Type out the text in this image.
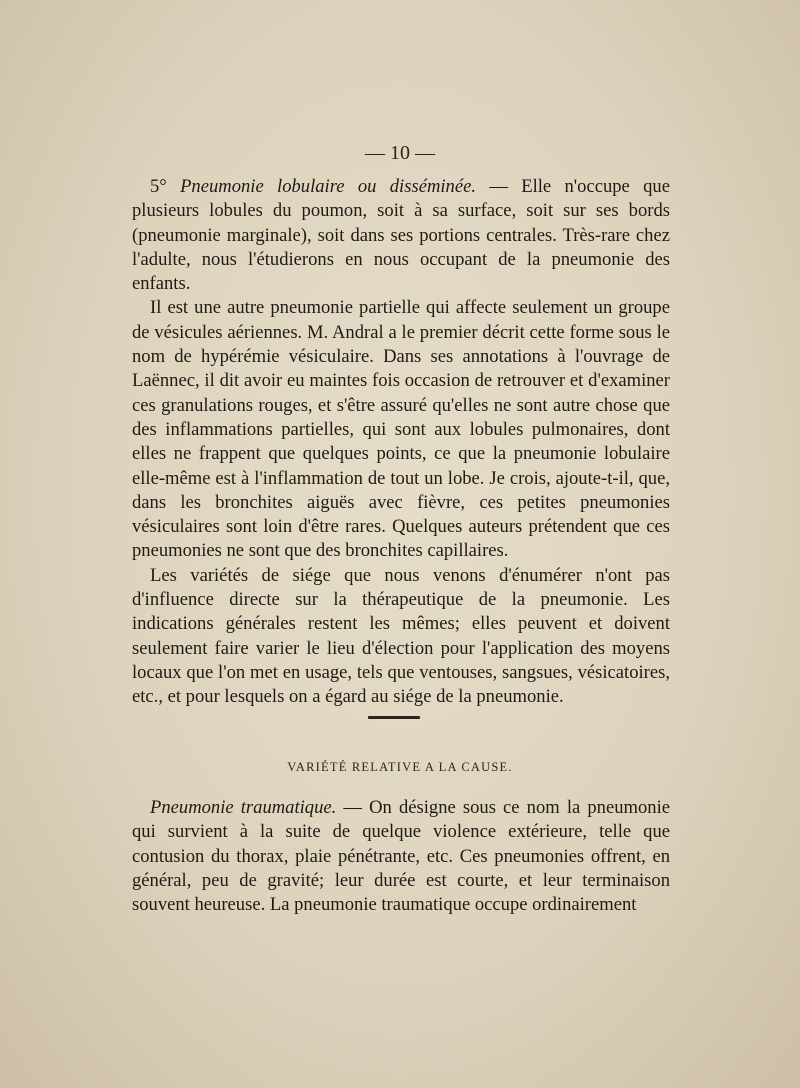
— 10 —

5° Pneumonie lobulaire ou disséminée. — Elle n'occupe que plusieurs lobules du poumon, soit à sa surface, soit sur ses bords (pneumonie marginale), soit dans ses portions centrales. Très-rare chez l'adulte, nous l'étudierons en nous occupant de la pneumonie des enfants.

Il est une autre pneumonie partielle qui affecte seulement un groupe de vésicules aériennes. M. Andral a le premier décrit cette forme sous le nom de hypérémie vésiculaire. Dans ses annotations à l'ouvrage de Laënnec, il dit avoir eu maintes fois occasion de retrouver et d'examiner ces granulations rouges, et s'être assuré qu'elles ne sont autre chose que des inflammations partielles, qui sont aux lobules pulmonaires, dont elles ne frappent que quelques points, ce que la pneumonie lobulaire elle-même est à l'inflammation de tout un lobe. Je crois, ajoute-t-il, que, dans les bronchites aiguës avec fièvre, ces petites pneumonies vésiculaires sont loin d'être rares. Quelques auteurs prétendent que ces pneumonies ne sont que des bronchites capillaires.

Les variétés de siége que nous venons d'énumérer n'ont pas d'influence directe sur la thérapeutique de la pneumonie. Les indications générales restent les mêmes; elles peuvent et doivent seulement faire varier le lieu d'élection pour l'application des moyens locaux que l'on met en usage, tels que ventouses, sangsues, vésicatoires, etc., et pour lesquels on a égard au siége de la pneumonie.

VARIÉTÉ RELATIVE A LA CAUSE.

Pneumonie traumatique. — On désigne sous ce nom la pneumonie qui survient à la suite de quelque violence extérieure, telle que contusion du thorax, plaie pénétrante, etc. Ces pneumonies offrent, en général, peu de gravité; leur durée est courte, et leur terminaison souvent heureuse. La pneumonie traumatique occupe ordinairement
